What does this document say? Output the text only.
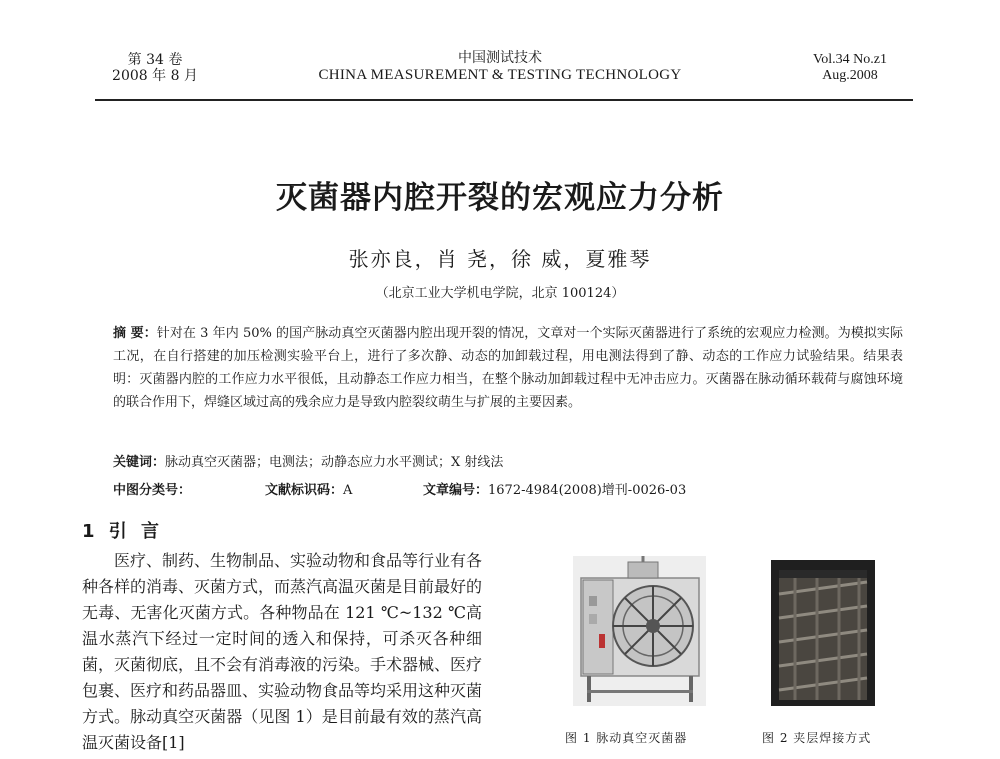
第 34 卷
2008 年 8 月
中国测试技术
CHINA MEASUREMENT & TESTING TECHNOLOGY
Vol.34 No.z1
Aug.2008
灭菌器内腔开裂的宏观应力分析
张亦良，肖 尧，徐 威，夏雅琴
（北京工业大学机电学院，北京 100124）
摘 要：针对在 3 年内 50% 的国产脉动真空灭菌器内腔出现开裂的情况，文章对一个实际灭菌器进行了系统的宏观应力检测。为模拟实际工况，在自行搭建的加压检测实验平台上，进行了多次静、动态的加卸载过程，用电测法得到了静、动态的工作应力试验结果。结果表明：灭菌器内腔的工作应力水平很低，且动静态工作应力相当，在整个脉动加卸载过程中无冲击应力。灭菌器在脉动循环载荷与腐蚀环境的联合作用下，焊缝区域过高的残余应力是导致内腔裂纹萌生与扩展的主要因素。
关键词：脉动真空灭菌器；电测法；动静态应力水平测试；X 射线法
中图分类号：	文献标识码：A	文章编号：1672-4984(2008)增刊-0026-03
1 引 言
医疗、制药、生物制品、实验动物和食品等行业有各种各样的消毒、灭菌方式，而蒸汽高温灭菌是目前最好的无毒、无害化灭菌方式。各种物品在 121 ℃~132 ℃高温水蒸汽下经过一定时间的透入和保持，可杀灭各种细菌，灭菌彻底，且不会有消毒液的污染。手术器械、医疗包裹、医疗和药品器皿、实验动物食品等均采用这种灭菌方式。脉动真空灭菌器（见图 1）是目前最有效的蒸汽高温灭菌设备[1]	图 1 脉动真空灭菌器	图 2 夹层焊接方式
